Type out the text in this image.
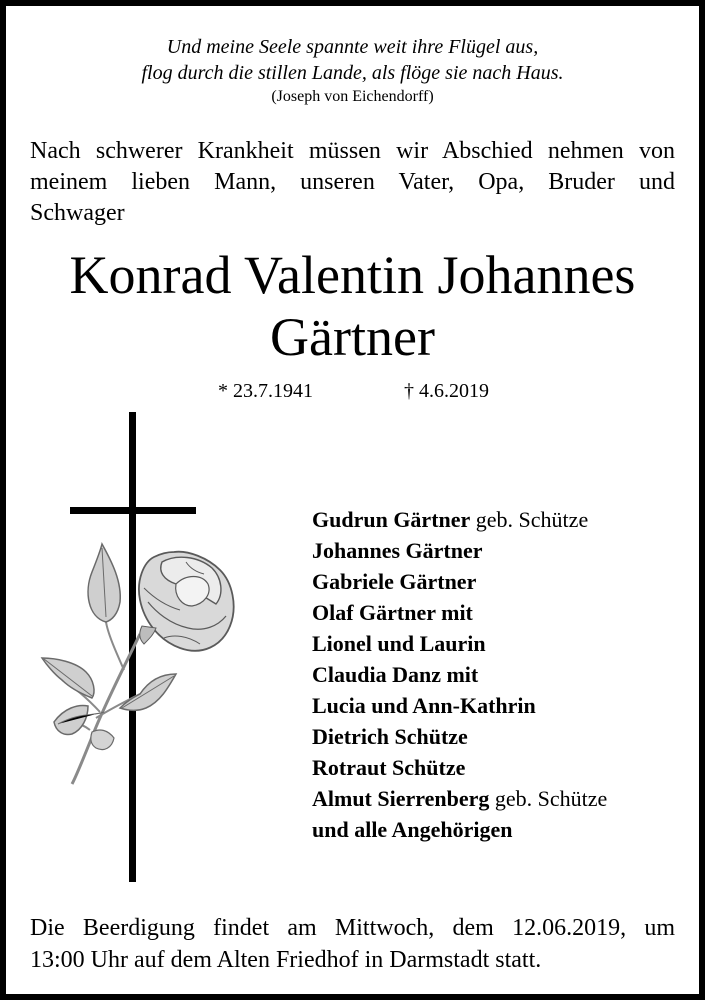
Und meine Seele spannte weit ihre Flügel aus,
flog durch die stillen Lande, als flöge sie nach Haus.
(Joseph von Eichendorff)
Nach schwerer Krankheit müssen wir Abschied nehmen von
meinem lieben Mann, unseren Vater, Opa, Bruder und
Schwager
Konrad Valentin Johannes
Gärtner
* 23.7.1941	† 4.6.2019
Gudrun Gärtner geb. Schütze
Johannes Gärtner
Gabriele Gärtner
Olaf Gärtner mit
Lionel und Laurin
Claudia Danz mit
Lucia und Ann-Kathrin
Dietrich Schütze
Rotraut Schütze
Almut Sierrenberg geb. Schütze
und alle Angehörigen
Die Beerdigung findet am Mittwoch, dem 12.06.2019, um
13:00 Uhr auf dem Alten Friedhof in Darmstadt statt.
